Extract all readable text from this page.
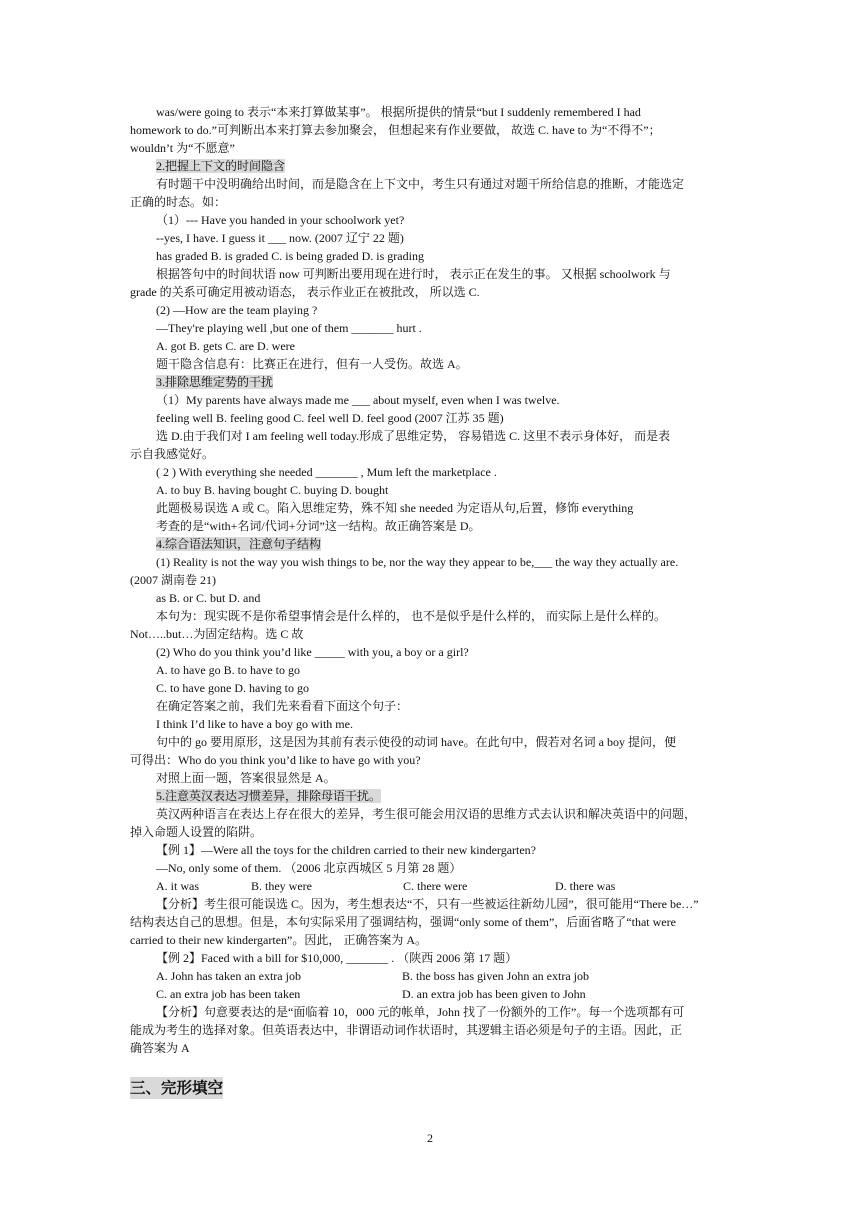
was/were going to 表示“本来打算做某事”。 根据所提供的情景“but I suddenly remembered I had
homework to do.”可判断出本来打算去参加聚会， 但想起来有作业要做， 故选 C. have to 为“不得不”；
wouldn’t 为“不愿意”
2.把握上下文的时间隐含
有时题干中没明确给出时间，而是隐含在上下文中，考生只有通过对题干所给信息的推断，才能选定
正确的时态。如：
（1）--- Have you handed in your schoolwork yet?
--yes, I have. I guess it ___ now. (2007 辽宁 22 题)
has graded B. is graded C. is being graded D. is grading
根据答句中的时间状语 now 可判断出要用现在进行时， 表示正在发生的事。 又根据 schoolwork 与
grade 的关系可确定用被动语态， 表示作业正在被批改， 所以选 C.
(2) —How are the team playing ?
—They're playing well ,but one of them _______ hurt .
A. got B. gets C. are D. were
题干隐含信息有：比赛正在进行，但有一人受伤。故选 A。
3.排除思维定势的干扰
（1）My parents have always made me ___ about myself, even when I was twelve.
feeling well B. feeling good C. feel well D. feel good (2007 江苏 35 题)
选 D.由于我们对 I am feeling well today.形成了思维定势， 容易错选 C. 这里不表示身体好， 而是表
示自我感觉好。
( 2 ) With everything she needed _______ , Mum left the marketplace .
A. to buy B. having bought C. buying D. bought
此题极易误选 A 或 C。陷入思维定势，殊不知 she needed 为定语从句,后置，修饰 everything
考查的是“with+名词/代词+分词”这一结构。故正确答案是 D。
4.综合语法知识，注意句子结构
(1) Reality is not the way you wish things to be, nor the way they appear to be,___ the way they actually are.
(2007 湖南卷 21)
as B. or C. but D. and
本句为：现实既不是你希望事情会是什么样的， 也不是似乎是什么样的， 而实际上是什么样的。
Not…..but…为固定结构。选 C 故
(2) Who do you think you’d like _____ with you, a boy or a girl?
A. to have go B. to have to go
C. to have gone D. having to go
在确定答案之前，我们先来看看下面这个句子：
I think I’d like to have a boy go with me.
句中的 go 要用原形，这是因为其前有表示使役的动词 have。在此句中，假若对名词 a boy 提问，便
可得出：Who do you think you’d like to have go with you?
对照上面一题，答案很显然是 A。
5.注意英汉表达习惯差异，排除母语干扰。
英汉两种语言在表达上存在很大的差异，考生很可能会用汉语的思维方式去认识和解决英语中的问题，
掉入命题人设置的陷阱。
【例 1】—Were all the toys for the children carried to their new kindergarten?
—No, only some of them. （2006 北京西城区 5 月第 28 题）
A. it was	B. they were	C. there were	D. there was
【分析】考生很可能误选 C。因为，考生想表达“不，只有一些被运往新幼儿园”，很可能用“There be…”
结构表达自己的思想。但是，本句实际采用了强调结构，强调“only some of them”，后面省略了“that were
carried to their new kindergarten”。因此， 正确答案为 A。
【例 2】Faced with a bill for $10,000, _______ . （陕西 2006 第 17 题）
A. John has taken an extra job	B. the boss has given John an extra job
C. an extra job has been taken	D. an extra job has been given to John
【分析】句意要表达的是“面临着 10，000 元的帐单，John 找了一份额外的工作”。每一个选项都有可
能成为考生的选择对象。但英语表达中，非谓语动词作状语时，其逻辑主语必须是句子的主语。因此，正
确答案为 A
三、完形填空
2
